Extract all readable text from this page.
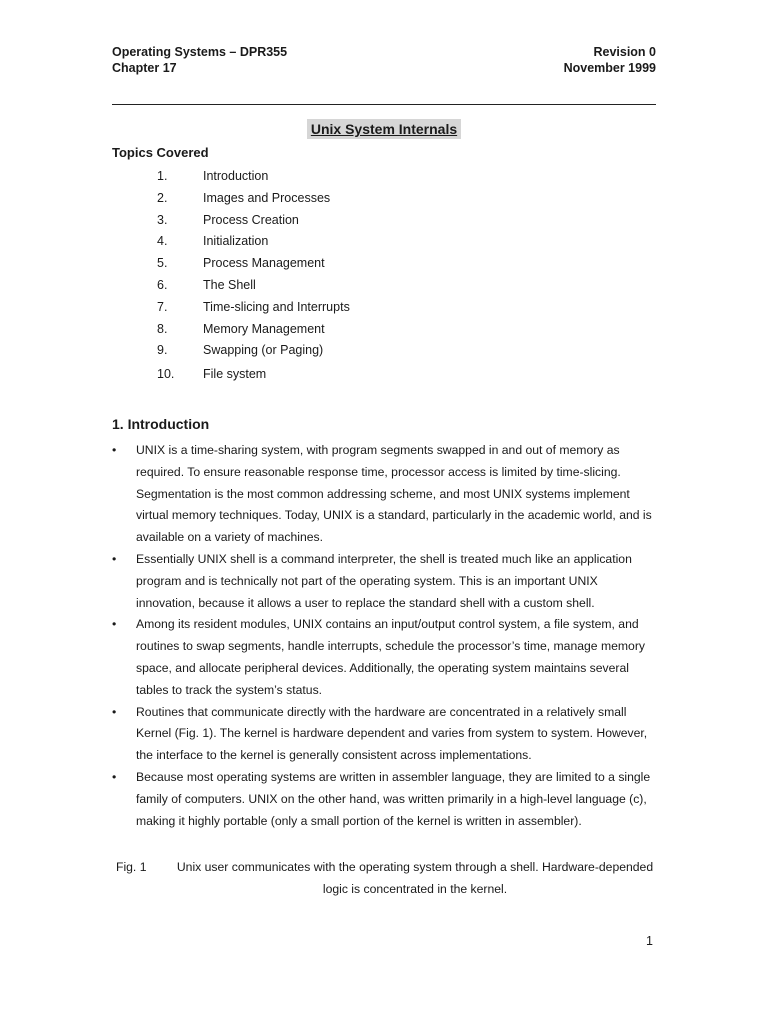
Operating Systems – DPR355
Chapter 17
Revision 0
November 1999
Unix System Internals
Topics Covered
1.	Introduction
2.	Images and Processes
3.	Process Creation
4.	Initialization
5.	Process Management
6.	The Shell
7.	Time-slicing and Interrupts
8.	Memory Management
9.	Swapping (or Paging)
10.	File system
1. Introduction
• UNIX is a time-sharing system, with program segments swapped in and out of memory as required. To ensure reasonable response time, processor access is limited by time-slicing. Segmentation is the most common addressing scheme, and most UNIX systems implement virtual memory techniques. Today, UNIX is a standard, particularly in the academic world, and is available on a variety of machines.
• Essentially UNIX shell is a command interpreter, the shell is treated much like an application program and is technically not part of the operating system. This is an important UNIX innovation, because it allows a user to replace the standard shell with a custom shell.
• Among its resident modules, UNIX contains an input/output control system, a file system, and routines to swap segments, handle interrupts, schedule the processor’s time, manage memory space, and allocate peripheral devices. Additionally, the operating system maintains several tables to track the system’s status.
• Routines that communicate directly with the hardware are concentrated in a relatively small Kernel (Fig. 1). The kernel is hardware dependent and varies from system to system. However, the interface to the kernel is generally consistent across implementations.
• Because most operating systems are written in assembler language, they are limited to a single family of computers. UNIX on the other hand, was written primarily in a high-level language (c), making it highly portable (only a small portion of the kernel is written in assembler).
Fig. 1	Unix user communicates with the operating system through a shell. Hardware-depended logic is concentrated in the kernel.
1
